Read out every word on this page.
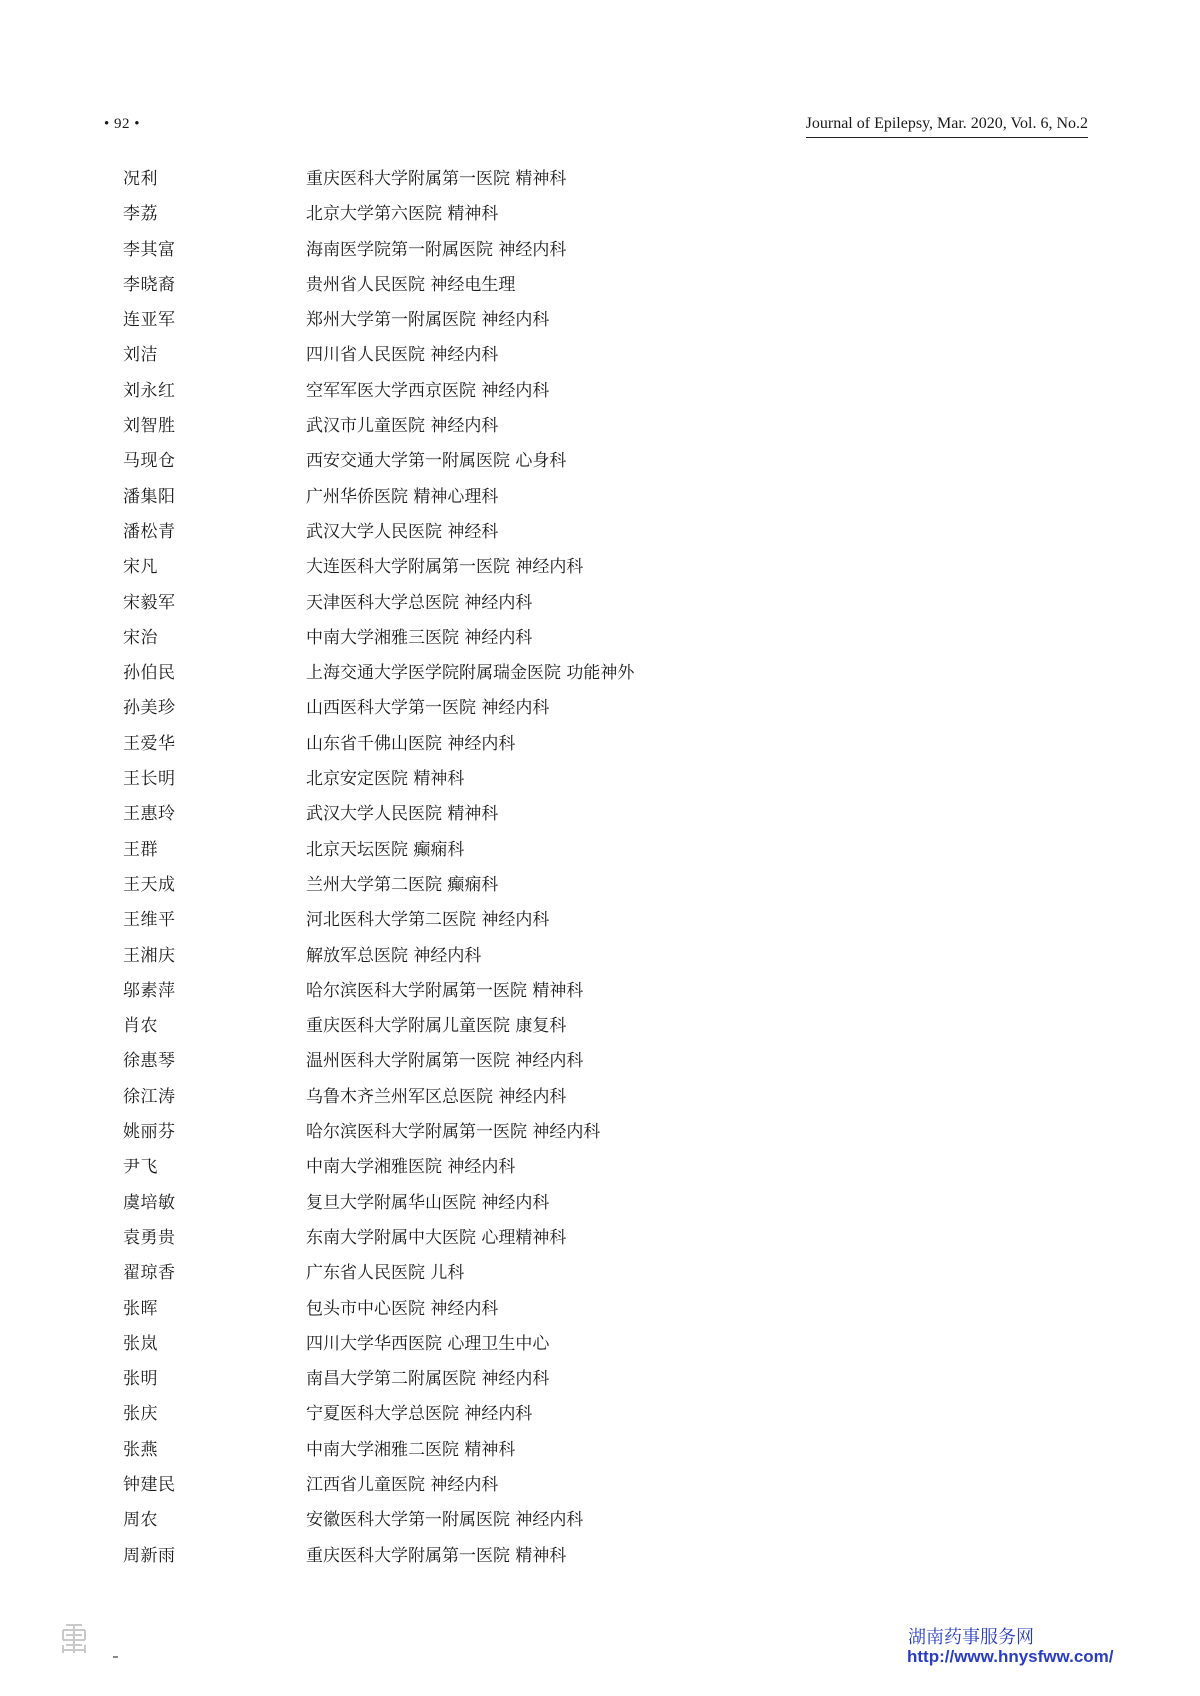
• 92 •	Journal of Epilepsy, Mar. 2020, Vol. 6, No.2
况利	重庆医科大学附属第一医院 精神科
李荔	北京大学第六医院 精神科
李其富	海南医学院第一附属医院 神经内科
李晓裔	贵州省人民医院 神经电生理
连亚军	郑州大学第一附属医院 神经内科
刘洁	四川省人民医院 神经内科
刘永红	空军军医大学西京医院 神经内科
刘智胜	武汉市儿童医院 神经内科
马现仓	西安交通大学第一附属医院 心身科
潘集阳	广州华侨医院 精神心理科
潘松青	武汉大学人民医院 神经科
宋凡	大连医科大学附属第一医院 神经内科
宋毅军	天津医科大学总医院 神经内科
宋治	中南大学湘雅三医院 神经内科
孙伯民	上海交通大学医学院附属瑞金医院 功能神外
孙美珍	山西医科大学第一医院 神经内科
王爱华	山东省千佛山医院 神经内科
王长明	北京安定医院 精神科
王惠玲	武汉大学人民医院 精神科
王群	北京天坛医院 癫痫科
王天成	兰州大学第二医院 癫痫科
王维平	河北医科大学第二医院 神经内科
王湘庆	解放军总医院 神经内科
邬素萍	哈尔滨医科大学附属第一医院 精神科
肖农	重庆医科大学附属儿童医院 康复科
徐惠琴	温州医科大学附属第一医院 神经内科
徐江涛	乌鲁木齐兰州军区总医院 神经内科
姚丽芬	哈尔滨医科大学附属第一医院 神经内科
尹飞	中南大学湘雅医院 神经内科
虞培敏	复旦大学附属华山医院 神经内科
袁勇贵	东南大学附属中大医院 心理精神科
翟琼香	广东省人民医院 儿科
张晖	包头市中心医院 神经内科
张岚	四川大学华西医院 心理卫生中心
张明	南昌大学第二附属医院 神经内科
张庆	宁夏医科大学总医院 神经内科
张燕	中南大学湘雅二医院 精神科
钟建民	江西省儿童医院 神经内科
周农	安徽医科大学第一附属医院 神经内科
周新雨	重庆医科大学附属第一医院 精神科
湖南药事服务网
http://www.hnysfww.com/
